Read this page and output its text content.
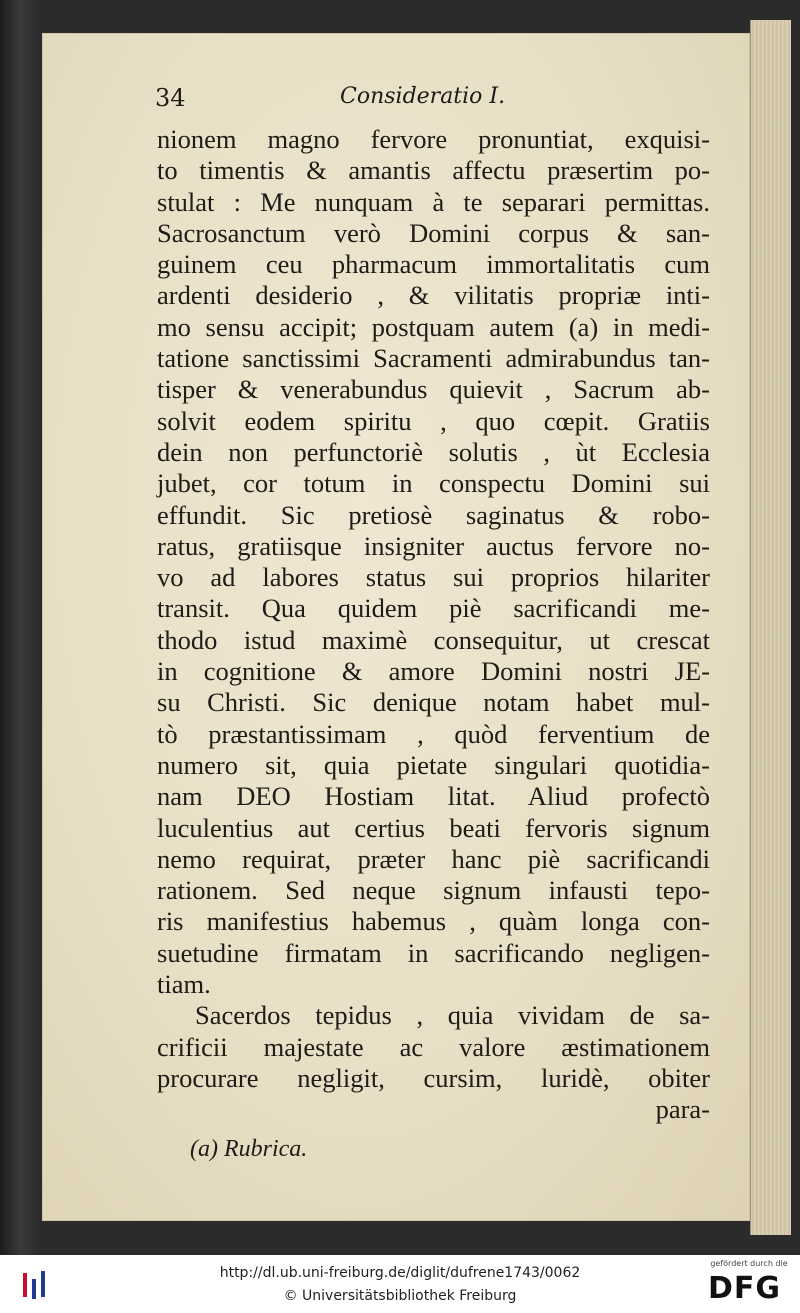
34	Consideratio I.
nionem magno fervore pronuntiat, exquisi-
to timentis & amantis affectu præsertim po-
stulat : Me nunquam à te separari permittas.
Sacrosanctum verò Domini corpus & san-
guinem ceu pharmacum immortalitatis cum
ardenti desiderio , & vilitatis propriæ inti-
mo sensu accipit; postquam autem (a) in medi-
tatione sanctissimi Sacramenti admirabundus tan-
tisper & venerabundus quievit , Sacrum ab-
solvit eodem spiritu , quo cœpit. Gratiis
dein non perfunctoriè solutis , ùt Ecclesia
jubet, cor totum in conspectu Domini sui
effundit. Sic pretiosè saginatus & robo-
ratus, gratiisque insigniter auctus fervore no-
vo ad labores status sui proprios hilariter
transit. Qua quidem piè sacrificandi me-
thodo istud maximè consequitur, ut crescat
in cognitione & amore Domini nostri JE-
su Christi. Sic denique notam habet mul-
tò præstantissimam , quòd ferventium de
numero sit, quia pietate singulari quotidia-
nam DEO Hostiam litat. Aliud profectò
luculentius aut certius beati fervoris signum
nemo requirat, præter hanc piè sacrificandi
rationem. Sed neque signum infausti tepo-
ris manifestius habemus , quàm longa con-
suetudine firmatam in sacrificando negligen-
tiam.
Sacerdos tepidus , quia vividam de sa-
crificii majestate ac valore æstimationem
procurare negligit, cursim, luridè, obiter
para-
(a) Rubrica.
http://dl.ub.uni-freiburg.de/diglit/dufrene1743/0062
© Universitätsbibliothek Freiburg
gefördert durch die
DFG
